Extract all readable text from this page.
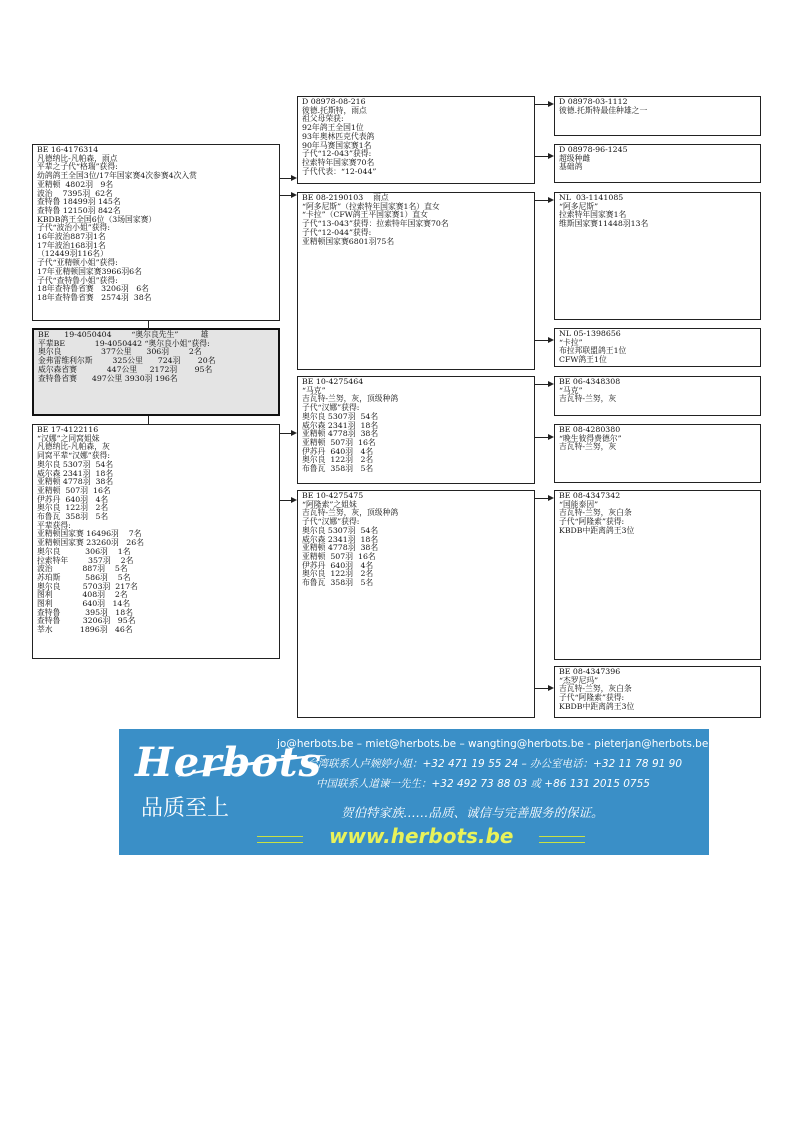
BE 16-4176314
凡德纳比-凡帕森，雨点
平辈之子代“格瑞”获得:
幼鸽鸽王全国3位/17年国家赛4次参赛4次入赏
亚精顿  4802羽   9名
波治    7395羽  62名
查特鲁 18499羽 145名
查特鲁 12150羽 842名
KBDB鸽王全国6位（3场国家赛）
子代“波治小姐”获得:
16年波治887羽1名
17年波治168羽1名
（12449羽116名）
子代“亚精顿小姐”获得:
17年亚精顿国家赛3966羽6名
子代“查特鲁小姐”获得:
18年查特鲁省赛   3206羽   6名
18年查特鲁省赛   2574羽  38名
BE      19-4050404        “奥尔良先生”         雄
平辈BE            19-4050442 “奥尔良小姐”获得:
奥尔良                377公里      306羽        2名
金弗雷维利尔斯        325公里      724羽       20名
威尔森省赛            447公里     2172羽       95名
查特鲁省赛      497公里 3930羽 196名
BE 17-4122116
“汉娜”之同窝姐妹
凡德纳比-凡帕森，灰
同窝平辈“汉娜”获得:
奥尔良 5307羽  54名
威尔森 2341羽  18名
亚精顿 4778羽  38名
亚精顿  507羽  16名
伊苏丹  640羽   4名
奥尔良  122羽   2名
布鲁瓦  358羽   5名
平辈获得:
亚精顿国家赛 16496羽    7名
亚精顿国家赛 23260羽   26名
奥尔良          306羽    1名
拉索特年        357羽    2名
波治            887羽    5名
苏珀斯          586羽    5名
奥尔良         5703羽  217名
图利            408羽    2名
图利            640羽   14名
查特鲁          395羽   18名
查特鲁         3206羽   95名
莘水           1896羽   46名
D 08978-08-216
彼德.托斯特，雨点
祖父母荣获:
92年鸽王全国1位
93年奥林匹克代表鸽
90年马赛国家赛1名
子代“12-043”获得:
拉索特年国家赛70名
子代代表：“12-044”
BE 08-2190103    雨点
“阿多尼斯”（拉索特年国家赛1名）直女
“卡拉”（CFW鸽王平国家赛1）直女
子代“13-043”获得：拉索特年国家赛70名
子代“12-044”获得:
亚精顿国家赛6801羽75名
BE 10-4275464
“马克”
吉瓦特-兰努，灰，顶级种鸽
子代“汉娜”获得:
奥尔良 5307羽  54名
威尔森 2341羽  18名
亚精顿 4778羽  38名
亚精顿  507羽  16名
伊苏丹  640羽   4名
奥尔良  122羽   2名
布鲁瓦  358羽   5名
BE 10-4275475
“阿隆索”之姐妹
吉瓦特-兰努，灰，顶级种鸽
子代“汉娜”获得:
奥尔良 5307羽  54名
威尔森 2341羽  18名
亚精顿 4778羽  38名
亚精顿  507羽  16名
伊苏丹  640羽   4名
奥尔良  122羽   2名
布鲁瓦  358羽   5名
D 08978-03-1112
彼德.托斯特最佳种雄之一
D 08978-96-1245
超级种雌
基础鸽
NL  03-1141085
“阿多尼斯”
拉索特年国家赛1名
维斯国家赛11448羽13名
NL 05-1398656
“卡拉”
布拉邦联盟鸽王1位
CFW鸽王1位
BE 06-4348308
“马克”
吉瓦特-兰努，灰
BE 08-4280380
“晚生彼得费德尔”
吉瓦特-兰努，灰
BE 08-4347342
“国能泰因”
吉瓦特-兰努，灰白条
子代“阿隆索”获得:
KBDB中距离鸽王3位
BE 08-4347396
“杰罗尼玛”
吉瓦特-兰努，灰白条
子代“阿隆索”获得:
KBDB中距离鸽王3位
Herbots
品质至上
jo@herbots.be – miet@herbots.be – wangting@herbots.be - pieterjan@herbots.be
台湾联系人卢婉婷小姐：+32 471 19 55 24 – 办公室电话：+32 11 78 91 90
中国联系人道谏一先生：+32 492 73 88 03 或 +86 131 2015 0755
贺伯特家族……品质、诚信与完善服务的保证。
www.herbots.be
